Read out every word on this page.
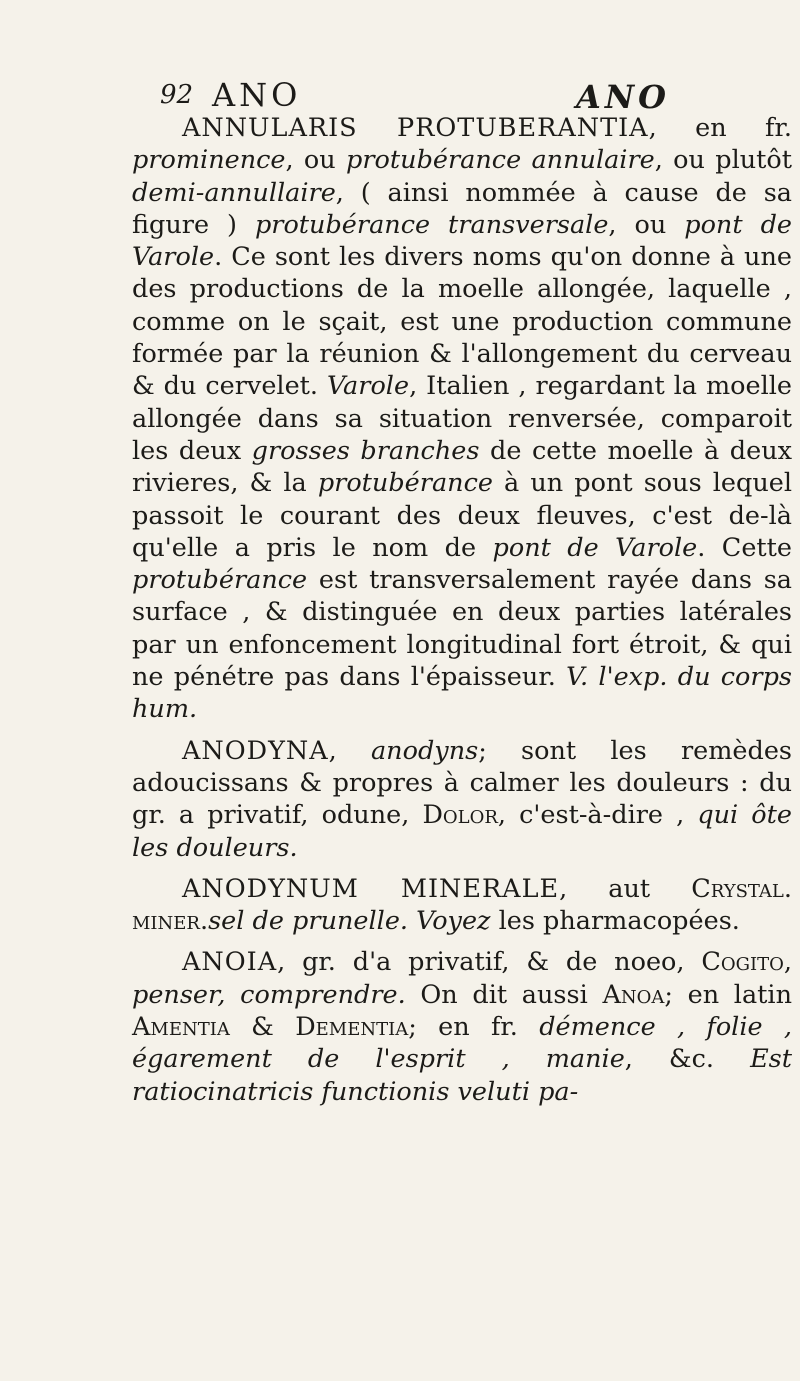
92 ANO	ANO

ANNULARIS PROTUBERANTIA, en fr. prominence, ou protubérance annulaire, ou plutôt demi-annullaire, ( ainsi nommée à cause de sa figure ) protubérance transversale, ou pont de Varole. Ce sont les divers noms qu'on donne à une des productions de la moelle allongée, laquelle , comme on le sçait, est une production commune formée par la réunion & l'allongement du cerveau & du cervelet. Varole, Italien , regardant la moelle allongée dans sa situation renversée, comparoit les deux grosses branches de cette moelle à deux rivieres, & la protubérance à un pont sous lequel passoit le courant des deux fleuves, c'est de-là qu'elle a pris le nom de pont de Varole. Cette protubérance est transversalement rayée dans sa surface , & distinguée en deux parties latérales par un enfoncement longitudinal fort étroit, & qui ne pénétre pas dans l'épaisseur. V. l'exp. du corps hum.

ANODYNA, anodyns; sont les remèdes adoucissans & propres à calmer les douleurs : du gr. a privatif, odune, Dolor, c'est-à-dire , qui ôte les douleurs.

ANODYNUM MINERALE, aut Crystal. miner.sel de prunelle. Voyez les pharmacopées.

ANOIA, gr. d'a privatif, & de noeo, Cogito, penser, comprendre. On dit aussi Anoa; en latin Amentia & Dementia; en fr. démence , folie , égarement de l'esprit , manie, &c. Est ratiocinatricis functionis veluti pa-
